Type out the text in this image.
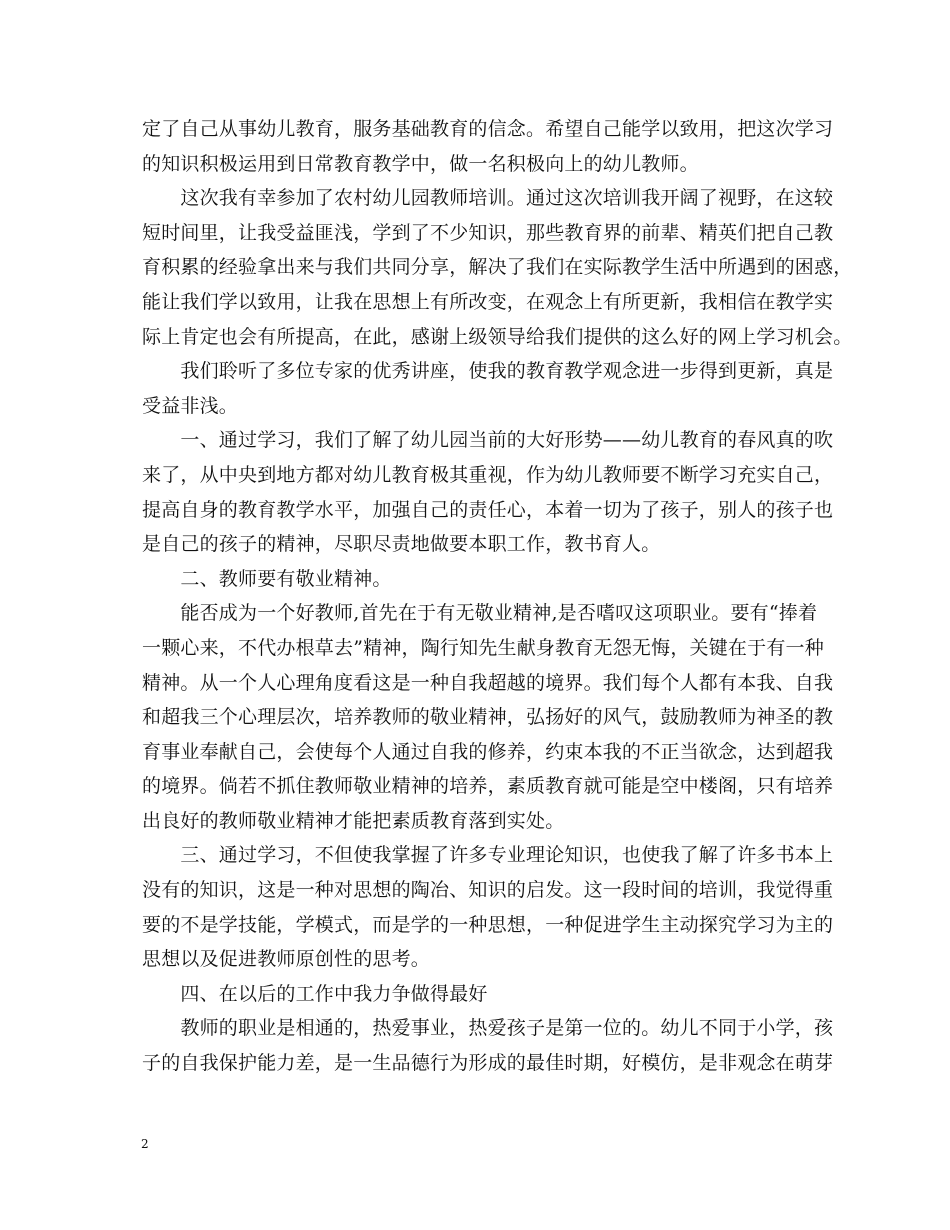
定了自己从事幼儿教育，服务基础教育的信念。希望自己能学以致用，把这次学习
的知识积极运用到日常教育教学中，做一名积极向上的幼儿教师。
　　这次我有幸参加了农村幼儿园教师培训。通过这次培训我开阔了视野，在这较
短时间里，让我受益匪浅，学到了不少知识，那些教育界的前辈、精英们把自己教
育积累的经验拿出来与我们共同分享，解决了我们在实际教学生活中所遇到的困惑，
能让我们学以致用，让我在思想上有所改变，在观念上有所更新，我相信在教学实
际上肯定也会有所提高，在此，感谢上级领导给我们提供的这么好的网上学习机会。
　　我们聆听了多位专家的优秀讲座，使我的教育教学观念进一步得到更新，真是
受益非浅。
　　一、通过学习，我们了解了幼儿园当前的大好形势——幼儿教育的春风真的吹
来了，从中央到地方都对幼儿教育极其重视，作为幼儿教师要不断学习充实自己，
提高自身的教育教学水平，加强自己的责任心，本着一切为了孩子，别人的孩子也
是自己的孩子的精神，尽职尽责地做要本职工作，教书育人。
　　二、教师要有敬业精神。
　　能否成为一个好教师,首先在于有无敬业精神,是否嗜叹这项职业。要有“捧着
一颗心来，不代办根草去”精神，陶行知先生献身教育无怨无悔，关键在于有一种
精神。从一个人心理角度看这是一种自我超越的境界。我们每个人都有本我、自我
和超我三个心理层次，培养教师的敬业精神，弘扬好的风气，鼓励教师为神圣的教
育事业奉献自己，会使每个人通过自我的修养，约束本我的不正当欲念，达到超我
的境界。倘若不抓住教师敬业精神的培养，素质教育就可能是空中楼阁，只有培养
出良好的教师敬业精神才能把素质教育落到实处。
　　三、通过学习，不但使我掌握了许多专业理论知识，也使我了解了许多书本上
没有的知识，这是一种对思想的陶冶、知识的启发。这一段时间的培训，我觉得重
要的不是学技能，学模式，而是学的一种思想，一种促进学生主动探究学习为主的
思想以及促进教师原创性的思考。
　　四、在以后的工作中我力争做得最好
　　教师的职业是相通的，热爱事业，热爱孩子是第一位的。幼儿不同于小学，孩
子的自我保护能力差，是一生品德行为形成的最佳时期，好模仿，是非观念在萌芽
2
